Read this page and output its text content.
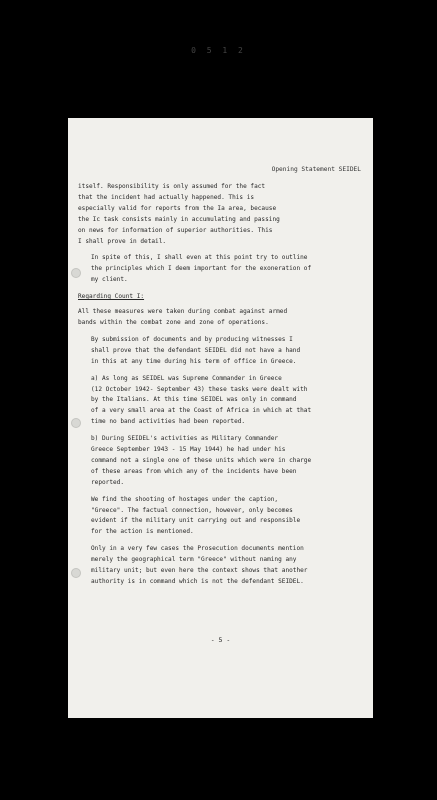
0 5 1 2
Opening Statement SEIDEL

itself. Responsibility is only assumed for the fact
that the incident had actually happened. This is
especially valid for reports from the Ia area, because
the Ic task consists mainly in accumulating and passing
on news for information of superior authorities. This
I shall prove in detail.

In spite of this, I shall even at this point try to outline
the principles which I deem important for the exoneration of
my client.

Regarding Count I:

All these measures were taken during combat against armed
bands within the combat zone and zone of operations.

By submission of documents and by producing witnesses I
shall prove that the defendant SEIDEL did not have a hand
in this at any time during his term of office in Greece.

a) As long as SEIDEL was Supreme Commander in Greece
(12 October 1942- September 43) these tasks were dealt with
by the Italians. At this time SEIDEL was only in command
of a very small area at the Coast of Africa in which at that
time no band activities had been reported.

b) During SEIDEL's activities as Military Commander
Greece September 1943 - 15 May 1944) he had under his
command not a single one of these units which were in charge
of these areas from which any of the incidents have been
reported.

We find the shooting of hostages under the caption,
"Greece". The factual connection, however, only becomes
evident if the military unit carrying out and responsible
for the action is mentioned.

Only in a very few cases the Prosecution documents mention
merely the geographical term "Greece" without naming any
military unit; but even here the context shows that another
authority is in command which is not the defendant SEIDEL.

- 5 -
